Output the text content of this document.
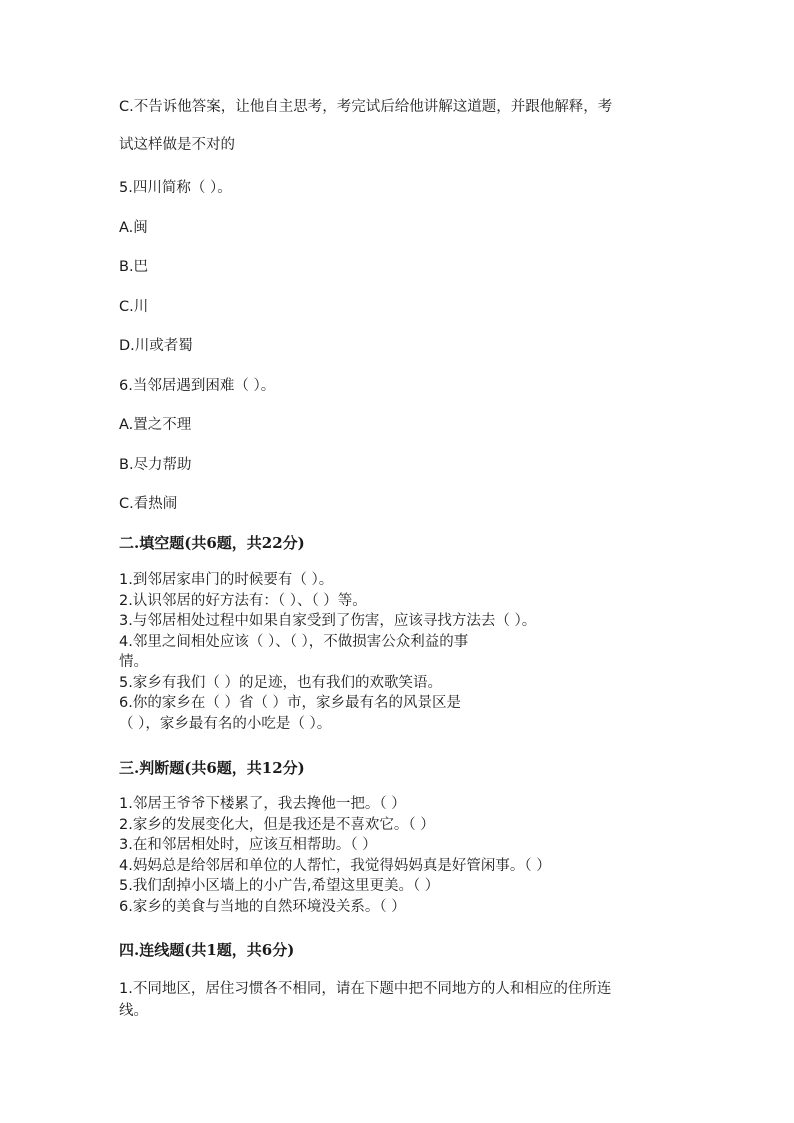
C.不告诉他答案，让他自主思考，考完试后给他讲解这道题，并跟他解释，考
试这样做是不对的
5.四川简称（ ）。
A.闽
B.巴
C.川
D.川或者蜀
6.当邻居遇到困难（ ）。
A.置之不理
B.尽力帮助
C.看热闹
二.填空题(共6题，共22分)
1.到邻居家串门的时候要有（ ）。
2.认识邻居的好方法有：（ ）、（ ）等。
3.与邻居相处过程中如果自家受到了伤害，应该寻找方法去（ ）。
4.邻里之间相处应该（ ）、（ ），不做损害公众利益的事
情。
5.家乡有我们（ ）的足迹，也有我们的欢歌笑语。
6.你的家乡在（ ）省（ ）市，家乡最有名的风景区是
（ ），家乡最有名的小吃是（ ）。
三.判断题(共6题，共12分)
1.邻居王爷爷下楼累了，我去搀他一把。（ ）
2.家乡的发展变化大，但是我还是不喜欢它。（ ）
3.在和邻居相处时，应该互相帮助。（ ）
4.妈妈总是给邻居和单位的人帮忙，我觉得妈妈真是好管闲事。（ ）
5.我们刮掉小区墙上的小广告,希望这里更美。（ ）
6.家乡的美食与当地的自然环境没关系。（ ）
四.连线题(共1题，共6分)
1.不同地区，居住习惯各不相同，请在下题中把不同地方的人和相应的住所连
线。
